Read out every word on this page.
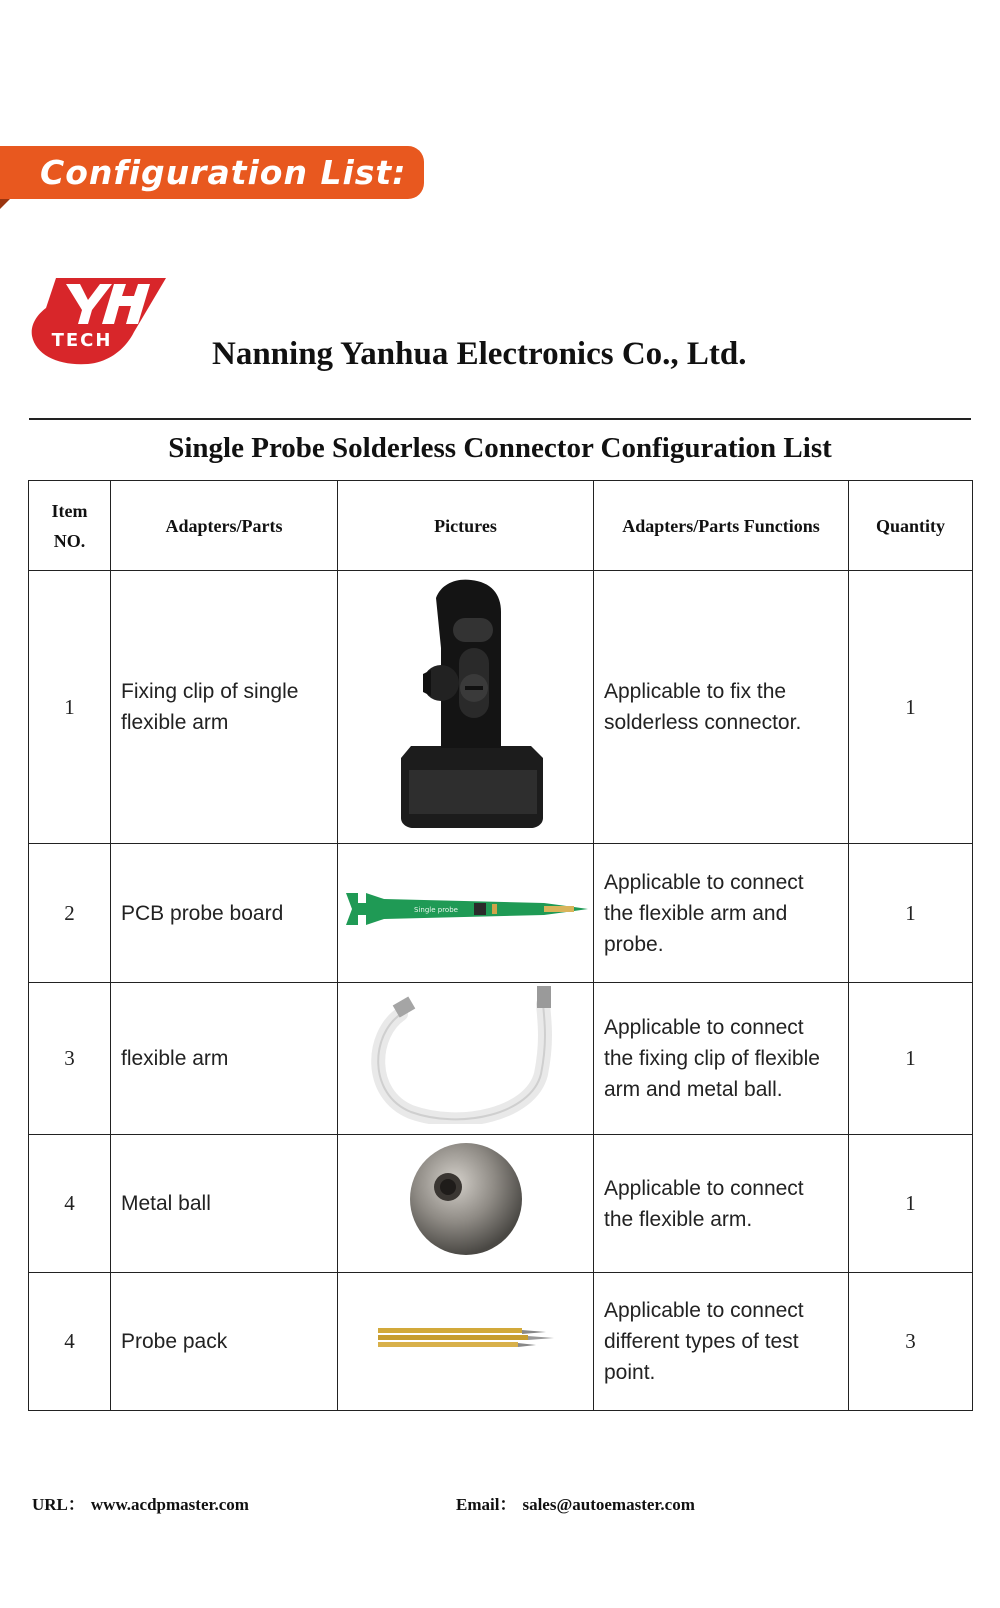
Configuration List:
TECH	Nanning Yanhua Electronics Co., Ltd.
Single Probe Solderless Connector Configuration List
Item
NO.	Adapters/Parts	Pictures	Adapters/Parts Functions	Quantity
1	Fixing clip of single flexible arm		Applicable to fix the solderless connector.	1
2	PCB probe board	Single probe	Applicable to connect the flexible arm and probe.	1
3	flexible arm		Applicable to connect the fixing clip of flexible arm and metal ball.	1
4	Metal ball		Applicable to connect the flexible arm.	1
4	Probe pack		Applicable to connect different types of test point.	3
URL： www.acdpmaster.com	Email： sales@autoemaster.com
